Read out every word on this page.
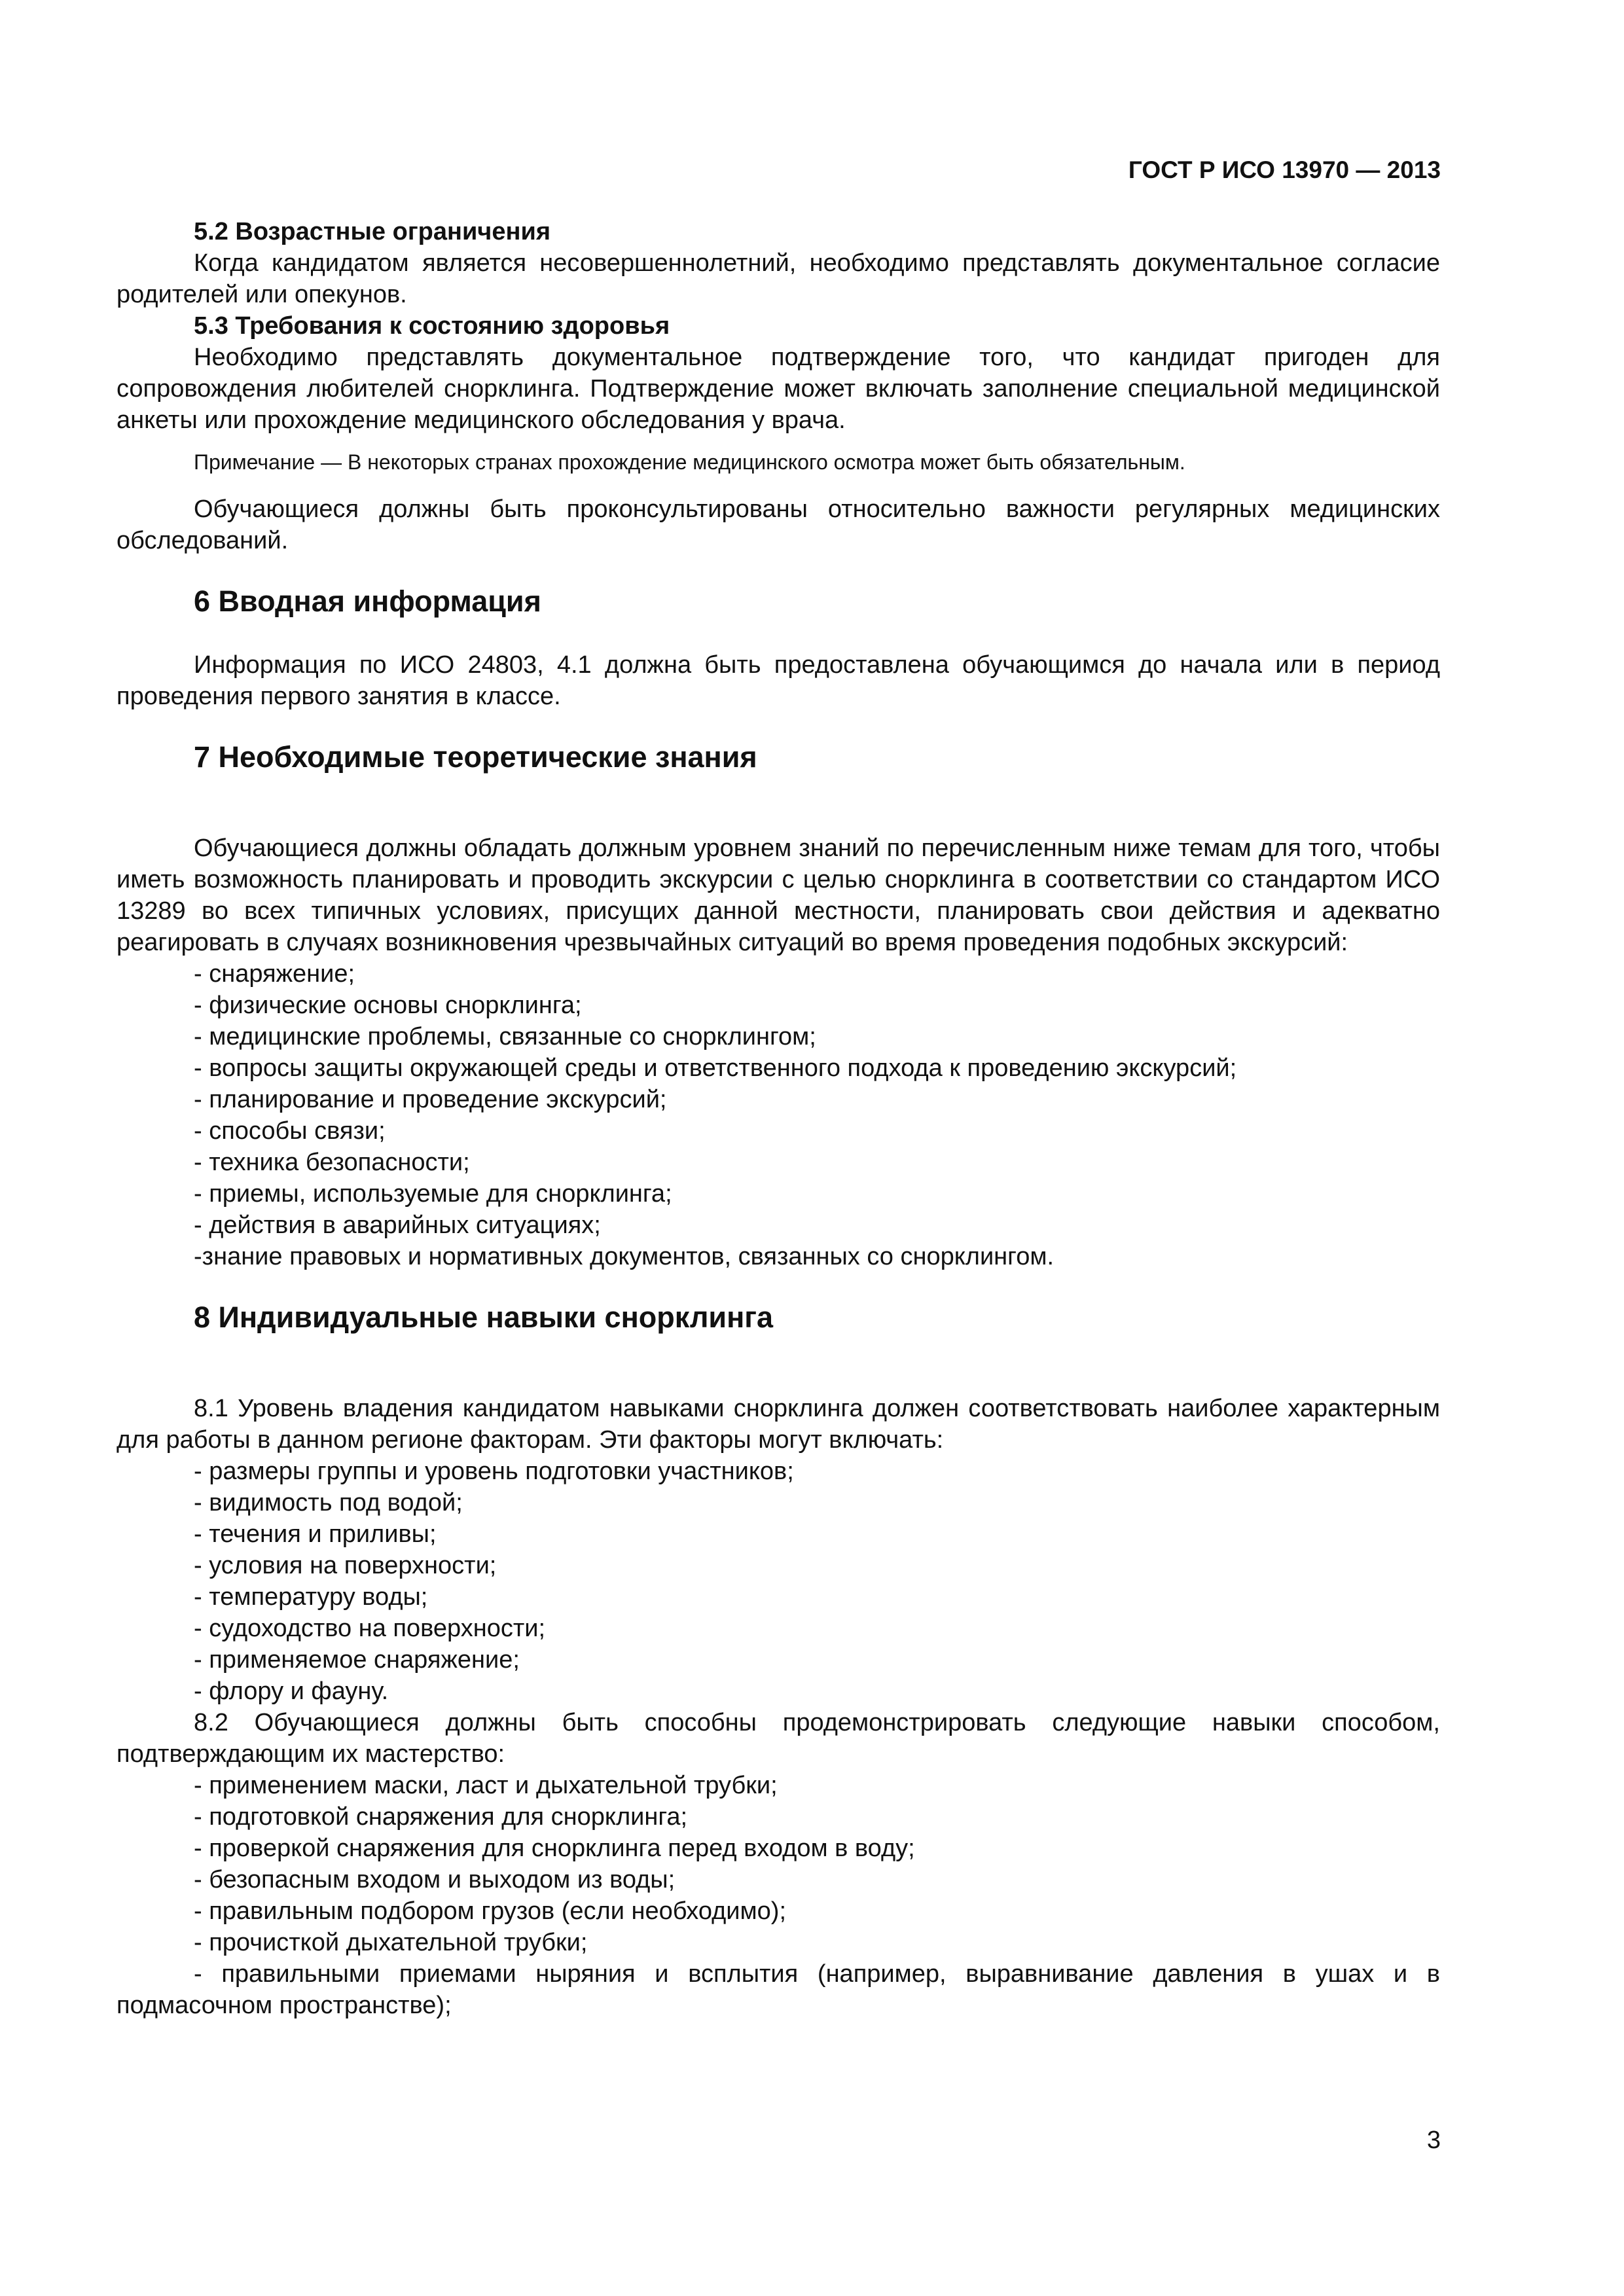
ГОСТ Р ИСО 13970 — 2013

5.2 Возрастные ограничения

Когда кандидатом является несовершеннолетний, необходимо представлять документальное согласие родителей или опекунов.

5.3 Требования к состоянию здоровья

Необходимо представлять документальное подтверждение того, что кандидат пригоден для сопровождения любителей снорклинга. Подтверждение может включать заполнение специальной медицинской анкеты или прохождение медицинского обследования у врача.

Примечание — В некоторых странах прохождение медицинского осмотра может быть обязательным.

Обучающиеся должны быть проконсультированы относительно важности регулярных медицинских обследований.

6 Вводная информация

Информация по ИСО 24803, 4.1 должна быть предоставлена обучающимся до начала или в период проведения первого занятия в классе.

7 Необходимые теоретические знания

Обучающиеся должны обладать должным уровнем знаний по перечисленным ниже темам для того, чтобы иметь возможность планировать и проводить экскурсии с целью снорклинга в соответствии со стандартом ИСО 13289 во всех типичных условиях, присущих данной местности, планировать свои действия и адекватно реагировать в случаях возникновения чрезвычайных ситуаций во время проведения подобных экскурсий:

- снаряжение;
- физические основы снорклинга;
- медицинские проблемы, связанные со снорклингом;
- вопросы защиты окружающей среды и ответственного подхода к проведению экскурсий;
- планирование и проведение экскурсий;
- способы связи;
- техника безопасности;
- приемы, используемые для снорклинга;
- действия в аварийных ситуациях;
-знание правовых и нормативных документов, связанных со снорклингом.
8 Индивидуальные навыки снорклинга

8.1 Уровень владения кандидатом навыками снорклинга должен соответствовать наиболее характерным для работы в данном регионе факторам. Эти факторы могут включать:

- размеры группы и уровень подготовки участников;
- видимость под водой;
- течения и приливы;
- условия на поверхности;
- температуру воды;
- судоходство на поверхности;
- применяемое снаряжение;
- флору и фауну.

8.2 Обучающиеся должны быть способны продемонстрировать следующие навыки способом, подтверждающим их мастерство:

- применением маски, ласт и дыхательной трубки;
- подготовкой снаряжения для снорклинга;
- проверкой снаряжения для снорклинга перед входом в воду;
- безопасным входом и выходом из воды;
- правильным подбором грузов (если необходимо);
- прочисткой дыхательной трубки;

- правильными приемами ныряния и всплытия (например, выравнивание давления в ушах и в подмасочном пространстве);

3
